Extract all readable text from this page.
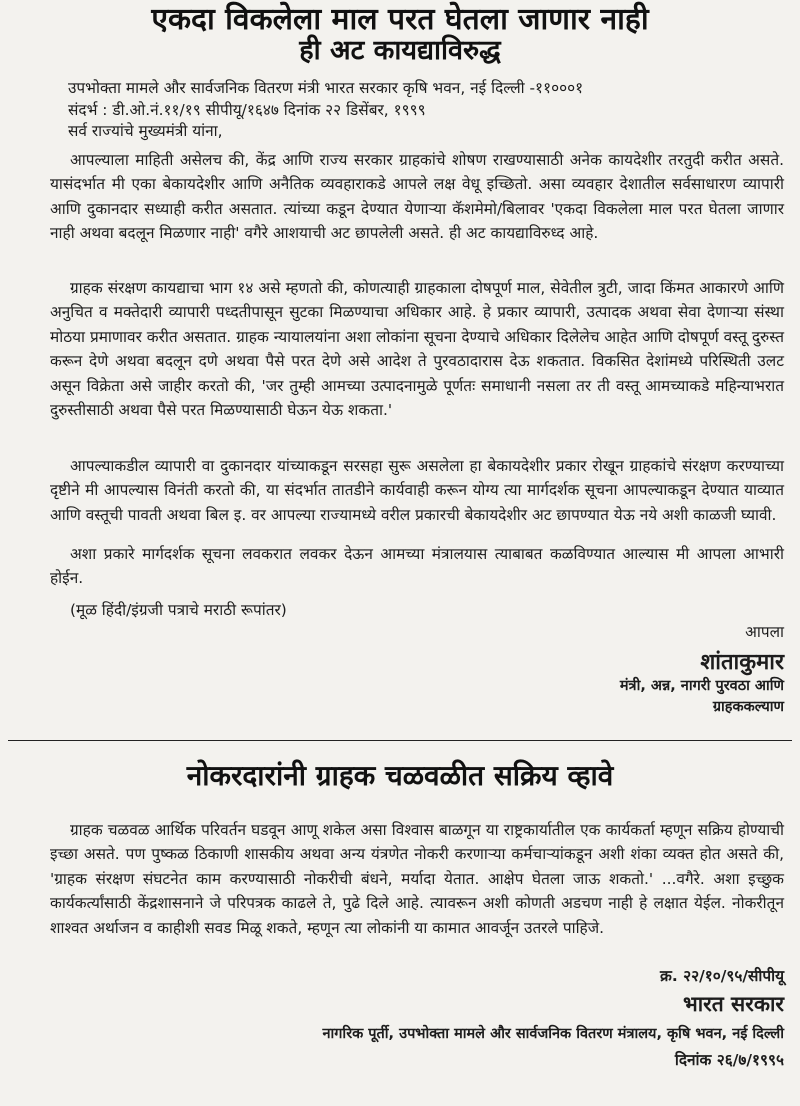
एकदा विकलेला माल परत घेतला जाणार नाही
ही अट कायद्याविरुद्ध
उपभोक्ता मामले और सार्वजनिक वितरण मंत्री भारत सरकार कृषि भवन, नई दिल्ली -११०००१
संदर्भ : डी.ओ.नं.११/१९ सीपीयू/१६४७ दिनांक २२ डिसेंबर, १९९९
सर्व राज्यांचे मुख्यमंत्री यांना,
आपल्याला माहिती असेलच की, केंद्र आणि राज्य सरकार ग्राहकांचे शोषण राखण्यासाठी अनेक कायदेशीर तरतुदी करीत असते. यासंदर्भात मी एका बेकायदेशीर आणि अनैतिक व्यवहाराकडे आपले लक्ष वेधू इच्छितो. असा व्यवहार देशातील सर्वसाधारण व्यापारी आणि दुकानदार सध्याही करीत असतात. त्यांच्या कडून देण्यात येणाऱ्या कॅशमेमो/बिलावर 'एकदा विकलेला माल परत घेतला जाणार नाही अथवा बदलून मिळणार नाही' वगैरे आशयाची अट छापलेली असते. ही अट कायद्याविरुध्द आहे.
ग्राहक संरक्षण कायद्याचा भाग १४ असे म्हणतो की, कोणत्याही ग्राहकाला दोषपूर्ण माल, सेवेतील त्रुटी, जादा किंमत आकारणे आणि अनुचित व मक्तेदारी व्यापारी पध्दतीपासून सुटका मिळण्याचा अधिकार आहे. हे प्रकार व्यापारी, उत्पादक अथवा सेवा देणाऱ्या संस्था मोठया प्रमाणावर करीत असतात. ग्राहक न्यायालयांना अशा लोकांना सूचना देण्याचे अधिकार दिलेलेच आहेत आणि दोषपूर्ण वस्तू दुरुस्त करून देणे अथवा बदलून दणे अथवा पैसे परत देणे असे आदेश ते पुरवठादारास देऊ शकतात. विकसित देशांमध्ये परिस्थिती उलट असून विक्रेता असे जाहीर करतो की, 'जर तुम्ही आमच्या उत्पादनामुळे पूर्णतः समाधानी नसला तर ती वस्तू आमच्याकडे महिन्याभरात दुरुस्तीसाठी अथवा पैसे परत मिळण्यासाठी घेऊन येऊ शकता.'
आपल्याकडील व्यापारी वा दुकानदार यांच्याकडून सरसहा सुरू असलेला हा बेकायदेशीर प्रकार रोखून ग्राहकांचे संरक्षण करण्याच्या दृष्टीने मी आपल्यास विनंती करतो की, या संदर्भात तातडीने कार्यवाही करून योग्य त्या मार्गदर्शक सूचना आपल्याकडून देण्यात याव्यात आणि वस्तूची पावती अथवा बिल इ. वर आपल्या राज्यामध्ये वरील प्रकारची बेकायदेशीर अट छापण्यात येऊ नये अशी काळजी घ्यावी.
अशा प्रकारे मार्गदर्शक सूचना लवकरात लवकर देऊन आमच्या मंत्रालयास त्याबाबत कळविण्यात आल्यास मी आपला आभारी होईन.
(मूळ हिंदी/इंग्रजी पत्राचे मराठी रूपांतर)
आपला
शांताकुमार
मंत्री, अन्न, नागरी पुरवठा आणि
ग्राहककल्याण
नोकरदारांनी ग्राहक चळवळीत सक्रिय व्हावे
ग्राहक चळवळ आर्थिक परिवर्तन घडवून आणू शकेल असा विश्वास बाळगून या राष्ट्रकार्यातील एक कार्यकर्ता म्हणून सक्रिय होण्याची इच्छा असते. पण पुष्कळ ठिकाणी शासकीय अथवा अन्य यंत्रणेत नोकरी करणाऱ्या कर्मचाऱ्यांकडून अशी शंका व्यक्त होत असते की, 'ग्राहक संरक्षण संघटनेत काम करण्यासाठी नोकरीची बंधने, मर्यादा येतात. आक्षेप घेतला जाऊ शकतो.' ...वगैरे. अशा इच्छुक कार्यकर्त्यांसाठी केंद्रशासनाने जे परिपत्रक काढले ते, पुढे दिले आहे. त्यावरून अशी कोणती अडचण नाही हे लक्षात येईल. नोकरीतून शाश्वत अर्थाजन व काहीशी सवड मिळू शकते, म्हणून त्या लोकांनी या कामात आवर्जून उतरले पाहिजे.
क्र. २२/१०/९५/सीपीयू
भारत सरकार
नागरिक पूर्ती, उपभोक्ता मामले और सार्वजनिक वितरण मंत्रालय, कृषि भवन, नई दिल्ली
दिनांक २६/७/१९९५
